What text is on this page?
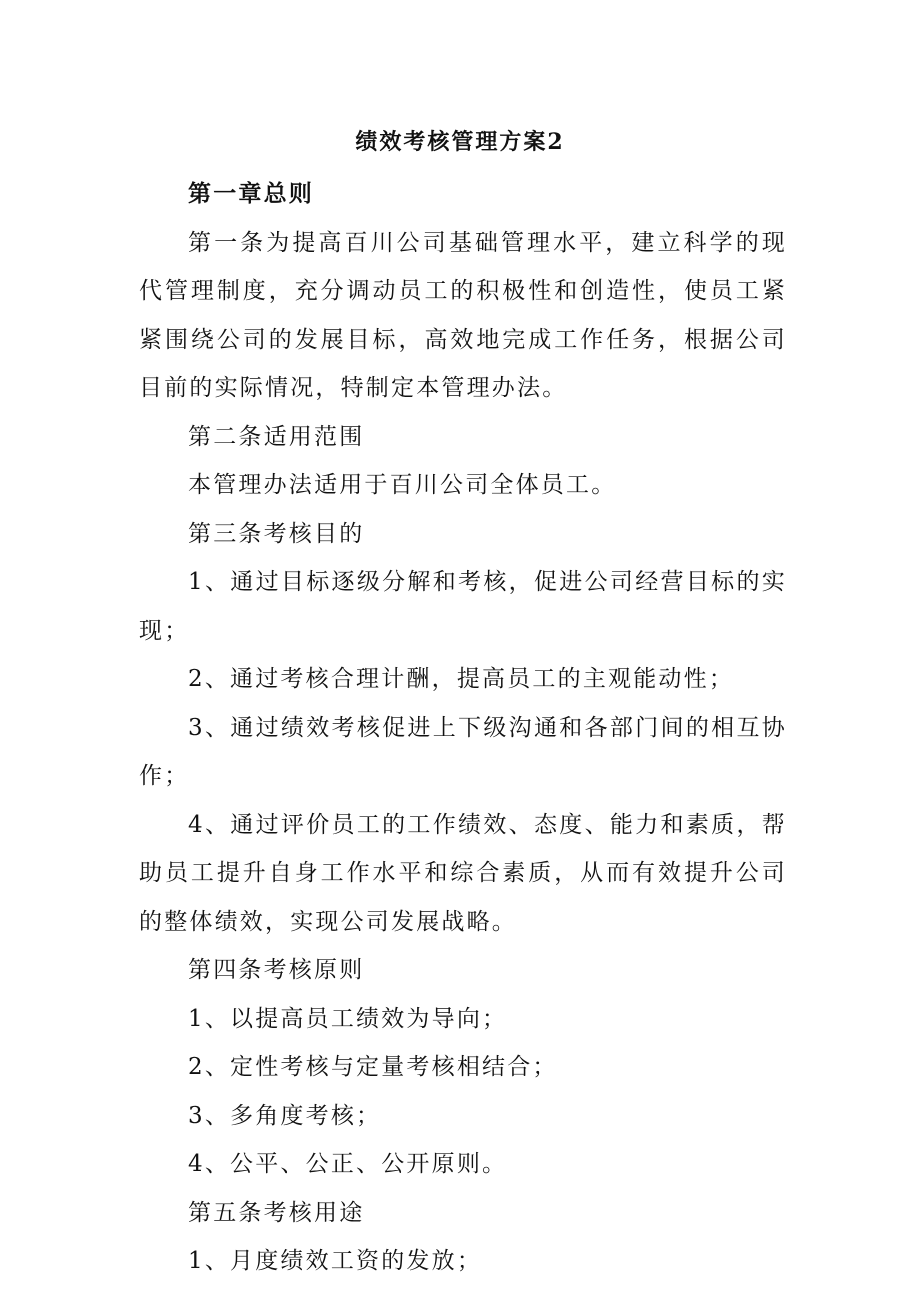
绩效考核管理方案2

第一章总则

第一条为提高百川公司基础管理水平，建立科学的现代管理制度，充分调动员工的积极性和创造性，使员工紧紧围绕公司的发展目标，高效地完成工作任务，根据公司目前的实际情况，特制定本管理办法。

第二条适用范围

本管理办法适用于百川公司全体员工。

第三条考核目的

1、通过目标逐级分解和考核，促进公司经营目标的实现；

2、通过考核合理计酬，提高员工的主观能动性；

3、通过绩效考核促进上下级沟通和各部门间的相互协作；

4、通过评价员工的工作绩效、态度、能力和素质，帮助员工提升自身工作水平和综合素质，从而有效提升公司的整体绩效，实现公司发展战略。

第四条考核原则

1、以提高员工绩效为导向；

2、定性考核与定量考核相结合；

3、多角度考核；

4、公平、公正、公开原则。

第五条考核用途

1、月度绩效工资的发放；
